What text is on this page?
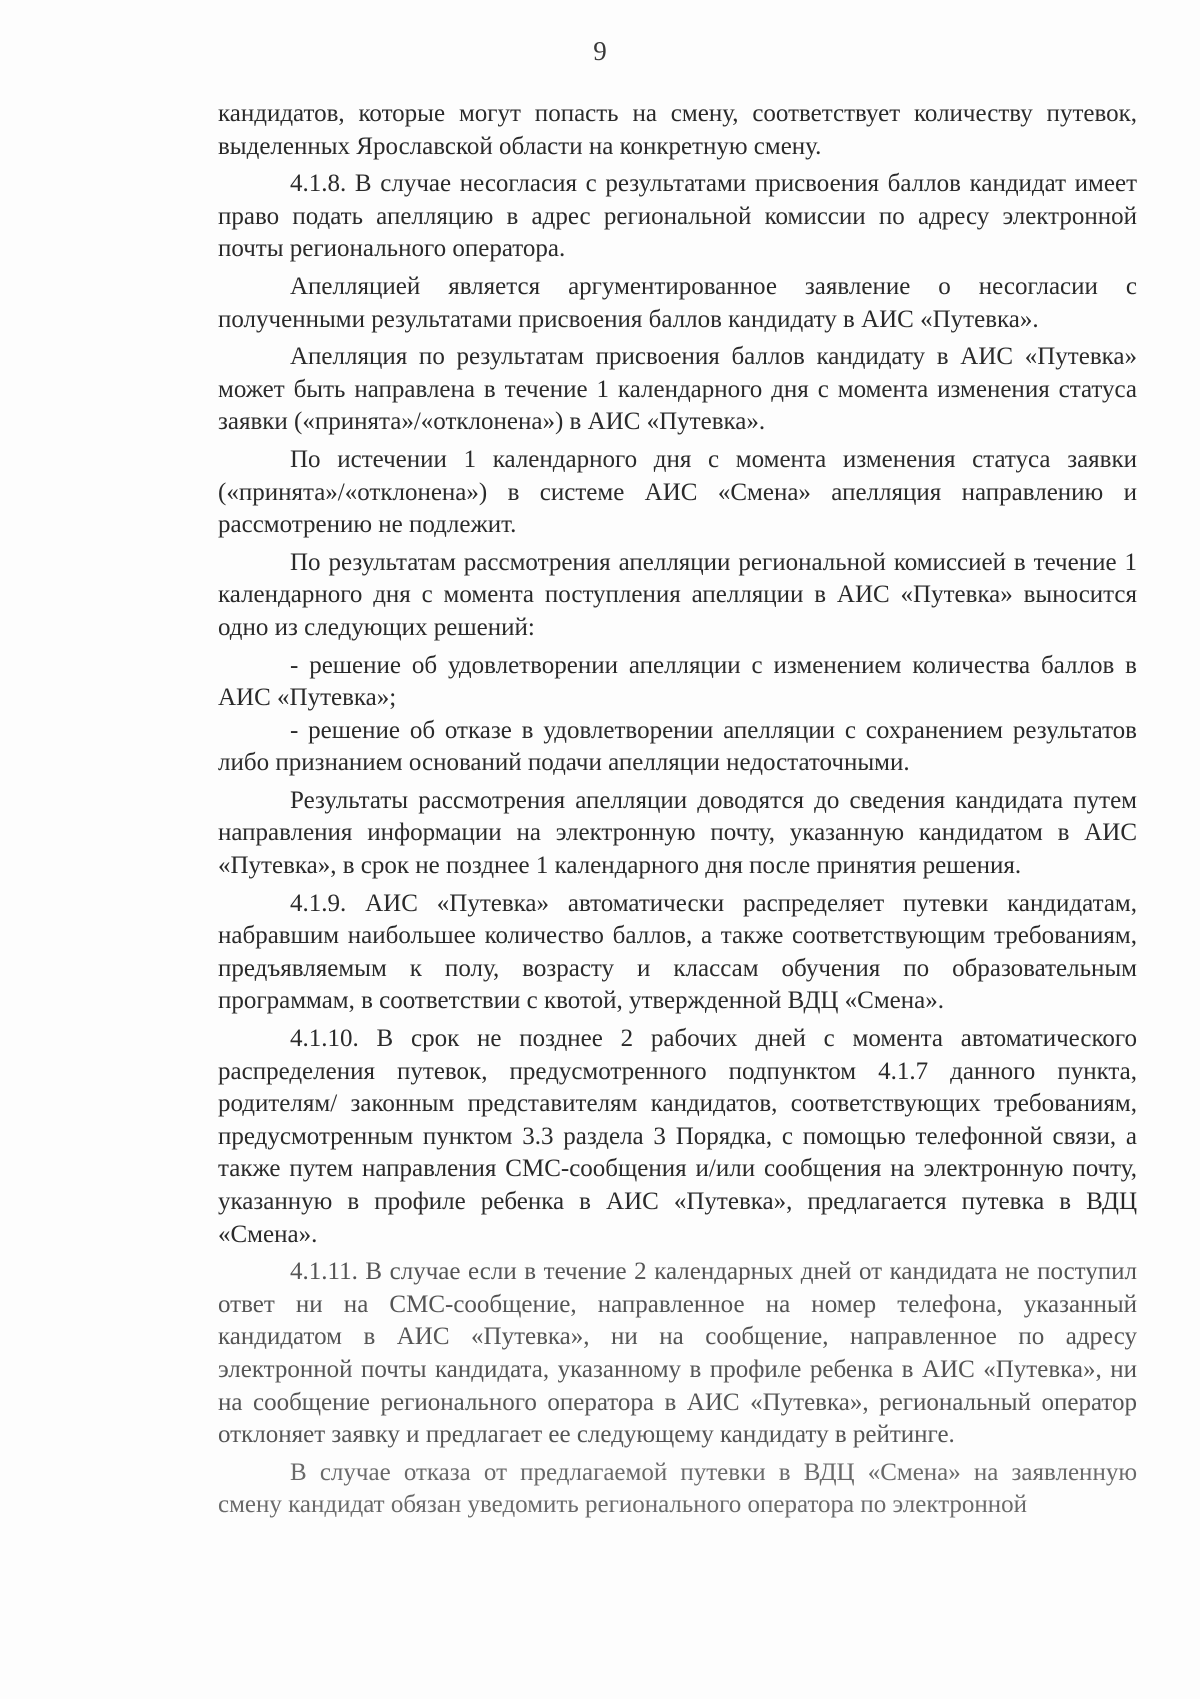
9

кандидатов, которые могут попасть на смену, соответствует количеству путевок, выделенных Ярославской области на конкретную смену.

4.1.8. В случае несогласия с результатами присвоения баллов кандидат имеет право подать апелляцию в адрес региональной комиссии по адресу электронной почты регионального оператора.

Апелляцией является аргументированное заявление о несогласии с полученными результатами присвоения баллов кандидату в АИС «Путевка».

Апелляция по результатам присвоения баллов кандидату в АИС «Путевка» может быть направлена в течение 1 календарного дня с момента изменения статуса заявки («принята»/«отклонена») в АИС «Путевка».

По истечении 1 календарного дня с момента изменения статуса заявки («принята»/«отклонена») в системе АИС «Смена» апелляция направлению и рассмотрению не подлежит.

По результатам рассмотрения апелляции региональной комиссией в течение 1 календарного дня с момента поступления апелляции в АИС «Путевка» выносится одно из следующих решений:

- решение об удовлетворении апелляции с изменением количества баллов в АИС «Путевка»;

- решение об отказе в удовлетворении апелляции с сохранением результатов либо признанием оснований подачи апелляции недостаточными.

Результаты рассмотрения апелляции доводятся до сведения кандидата путем направления информации на электронную почту, указанную кандидатом в АИС «Путевка», в срок не позднее 1 календарного дня после принятия решения.

4.1.9. АИС «Путевка» автоматически распределяет путевки кандидатам, набравшим наибольшее количество баллов, а также соответствующим требованиям, предъявляемым к полу, возрасту и классам обучения по образовательным программам, в соответствии с квотой, утвержденной ВДЦ «Смена».

4.1.10. В срок не позднее 2 рабочих дней с момента автоматического распределения путевок, предусмотренного подпунктом 4.1.7 данного пункта, родителям/ законным представителям кандидатов, соответствующих требованиям, предусмотренным пунктом 3.3 раздела 3 Порядка, с помощью телефонной связи, а также путем направления СМС-сообщения и/или сообщения на электронную почту, указанную в профиле ребенка в АИС «Путевка», предлагается путевка в ВДЦ «Смена».

4.1.11. В случае если в течение 2 календарных дней от кандидата не поступил ответ ни на СМС-сообщение, направленное на номер телефона, указанный кандидатом в АИС «Путевка», ни на сообщение, направленное по адресу электронной почты кандидата, указанному в профиле ребенка в АИС «Путевка», ни на сообщение регионального оператора в АИС «Путевка», региональный оператор отклоняет заявку и предлагает ее следующему кандидату в рейтинге.

В случае отказа от предлагаемой путевки в ВДЦ «Смена» на заявленную смену кандидат обязан уведомить регионального оператора по электронной
